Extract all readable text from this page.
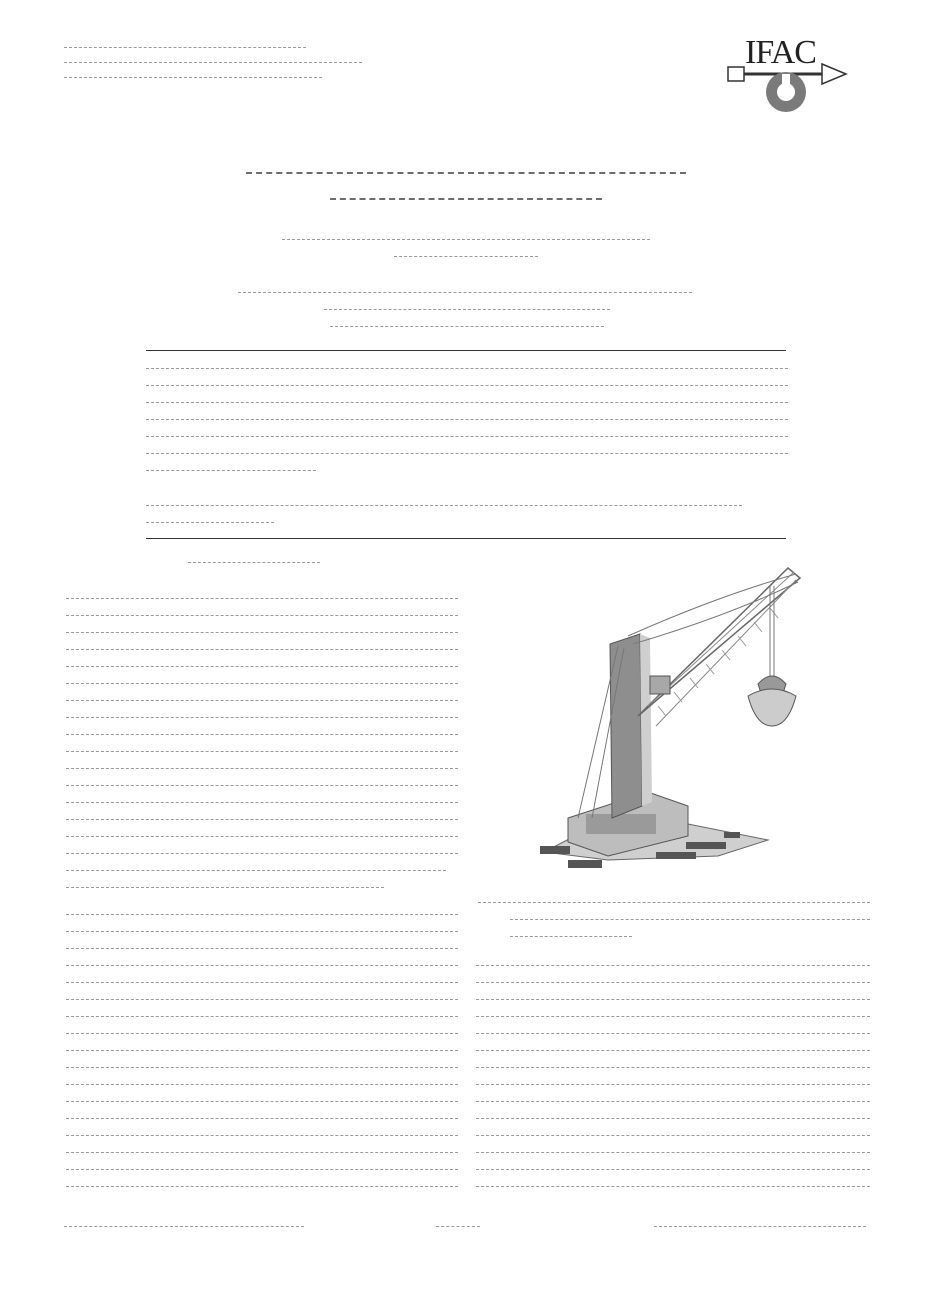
IFAC
